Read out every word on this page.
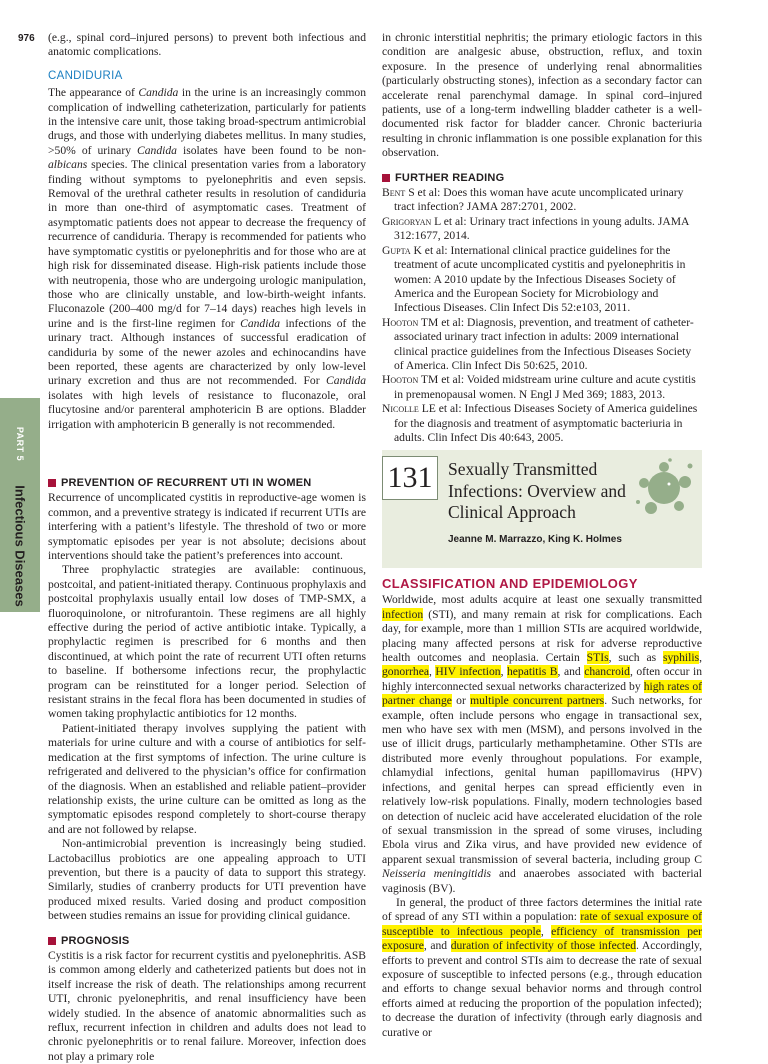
976
PART 5
Infectious Diseases

(e.g., spinal cord–injured persons) to prevent both infectious and anatomic complications.

CANDIDURIA

The appearance of Candida in the urine is an increasingly common complication of indwelling catheterization, particularly for patients in the intensive care unit, those taking broad-spectrum antimicrobial drugs, and those with underlying diabetes mellitus. In many studies, >50% of urinary Candida isolates have been found to be non-albicans species. The clinical presentation varies from a laboratory finding without symptoms to pyelonephritis and even sepsis. Removal of the urethral catheter results in resolution of candiduria in more than one-third of asymptomatic cases. Treatment of asymptomatic patients does not appear to decrease the frequency of recurrence of candiduria. Therapy is recommended for patients who have symptomatic cystitis or pyelonephritis and for those who are at high risk for disseminated disease. High-risk patients include those with neutropenia, those who are undergoing urologic manipulation, those who are clinically unstable, and low-birth-weight infants. Fluconazole (200–400 mg/d for 7–14 days) reaches high levels in urine and is the first-line regimen for Candida infections of the urinary tract. Although instances of successful eradication of candiduria by some of the newer azoles and echinocandins have been reported, these agents are characterized by only low-level urinary excretion and thus are not recommended. For Candida isolates with high levels of resistance to fluconazole, oral flucytosine and/or parenteral amphotericin B are options. Bladder irrigation with amphotericin B generally is not recommended.

PREVENTION OF RECURRENT UTI IN WOMEN

Recurrence of uncomplicated cystitis in reproductive-age women is common, and a preventive strategy is indicated if recurrent UTIs are interfering with a patient’s lifestyle. The threshold of two or more symptomatic episodes per year is not absolute; decisions about interventions should take the patient’s preferences into account.

Three prophylactic strategies are available: continuous, postcoital, and patient-initiated therapy. Continuous prophylaxis and postcoital prophylaxis usually entail low doses of TMP-SMX, a fluoroquinolone, or nitrofurantoin. These regimens are all highly effective during the period of active antibiotic intake. Typically, a prophylactic regimen is prescribed for 6 months and then discontinued, at which point the rate of recurrent UTI often returns to baseline. If bothersome infections recur, the prophylactic program can be reinstituted for a longer period. Selection of resistant strains in the fecal flora has been documented in studies of women taking prophylactic antibiotics for 12 months.

Patient-initiated therapy involves supplying the patient with materials for urine culture and with a course of antibiotics for self-medication at the first symptoms of infection. The urine culture is refrigerated and delivered to the physician’s office for confirmation of the diagnosis. When an established and reliable patient–provider relationship exists, the urine culture can be omitted as long as the symptomatic episodes respond completely to short-course therapy and are not followed by relapse.

Non-antimicrobial prevention is increasingly being studied. Lactobacillus probiotics are one appealing approach to UTI prevention, but there is a paucity of data to support this strategy. Similarly, studies of cranberry products for UTI prevention have produced mixed results. Varied dosing and product composition between studies remains an issue for providing clinical guidance.

PROGNOSIS

Cystitis is a risk factor for recurrent cystitis and pyelonephritis. ASB is common among elderly and catheterized patients but does not in itself increase the risk of death. The relationships among recurrent UTI, chronic pyelonephritis, and renal insufficiency have been widely studied. In the absence of anatomic abnormalities such as reflux, recurrent infection in children and adults does not lead to chronic pyelonephritis or to renal failure. Moreover, infection does not play a primary role

in chronic interstitial nephritis; the primary etiologic factors in this condition are analgesic abuse, obstruction, reflux, and toxin exposure. In the presence of underlying renal abnormalities (particularly obstructing stones), infection as a secondary factor can accelerate renal parenchymal damage. In spinal cord–injured patients, use of a long-term indwelling bladder catheter is a well-documented risk factor for bladder cancer. Chronic bacteriuria resulting in chronic inflammation is one possible explanation for this observation.

FURTHER READING

Bent S et al: Does this woman have acute uncomplicated urinary tract infection? JAMA 287:2701, 2002.

Grigoryan L et al: Urinary tract infections in young adults. JAMA 312:1677, 2014.

Gupta K et al: International clinical practice guidelines for the treatment of acute uncomplicated cystitis and pyelonephritis in women: A 2010 update by the Infectious Diseases Society of America and the European Society for Microbiology and Infectious Diseases. Clin Infect Dis 52:e103, 2011.

Hooton TM et al: Diagnosis, prevention, and treatment of catheter-associated urinary tract infection in adults: 2009 international clinical practice guidelines from the Infectious Diseases Society of America. Clin Infect Dis 50:625, 2010.

Hooton TM et al: Voided midstream urine culture and acute cystitis in premenopausal women. N Engl J Med 369; 1883, 2013.

Nicolle LE et al: Infectious Diseases Society of America guidelines for the diagnosis and treatment of asymptomatic bacteriuria in adults. Clin Infect Dis 40:643, 2005.

131 Sexually Transmitted Infections: Overview and Clinical Approach
Jeanne M. Marrazzo, King K. Holmes
CLASSIFICATION AND EPIDEMIOLOGY

Worldwide, most adults acquire at least one sexually transmitted infection (STI), and many remain at risk for complications. Each day, for example, more than 1 million STIs are acquired worldwide, placing many affected persons at risk for adverse reproductive health outcomes and neoplasia. Certain STIs, such as syphilis, gonorrhea, HIV infection, hepatitis B, and chancroid, often occur in highly interconnected sexual networks characterized by high rates of partner change or multiple concurrent partners. Such networks, for example, often include persons who engage in transactional sex, men who have sex with men (MSM), and persons involved in the use of illicit drugs, particularly methamphetamine. Other STIs are distributed more evenly throughout populations. For example, chlamydial infections, genital human papillomavirus (HPV) infections, and genital herpes can spread efficiently even in relatively low-risk populations. Finally, modern technologies based on detection of nucleic acid have accelerated elucidation of the role of sexual transmission in the spread of some viruses, including Ebola virus and Zika virus, and have provided new evidence of apparent sexual transmission of several bacteria, including group C Neisseria meningitidis and anaerobes associated with bacterial vaginosis (BV).

In general, the product of three factors determines the initial rate of spread of any STI within a population: rate of sexual exposure of susceptible to infectious people, efficiency of transmission per exposure, and duration of infectivity of those infected. Accordingly, efforts to prevent and control STIs aim to decrease the rate of sexual exposure of susceptible to infected persons (e.g., through education and efforts to change sexual behavior norms and through control efforts aimed at reducing the proportion of the population infected); to decrease the duration of infectivity (through early diagnosis and curative or
